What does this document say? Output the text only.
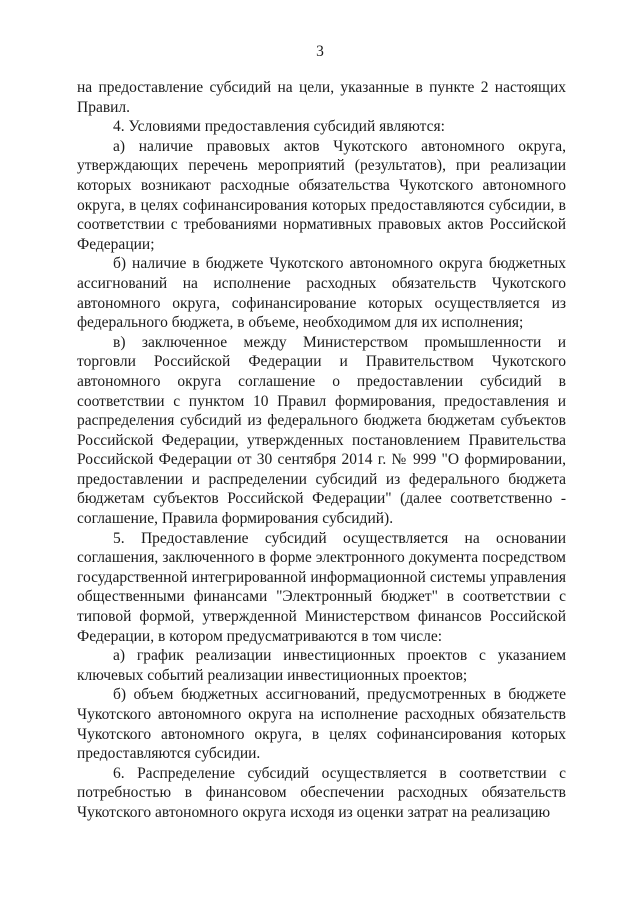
3

на предоставление субсидий на цели, указанные в пункте 2 настоящих Правил.

4. Условиями предоставления субсидий являются:

а) наличие правовых актов Чукотского автономного округа, утверждающих перечень мероприятий (результатов), при реализации которых возникают расходные обязательства Чукотского автономного округа, в целях софинансирования которых предоставляются субсидии, в соответствии с требованиями нормативных правовых актов Российской Федерации;

б) наличие в бюджете Чукотского автономного округа бюджетных ассигнований на исполнение расходных обязательств Чукотского автономного округа, софинансирование которых осуществляется из федерального бюджета, в объеме, необходимом для их исполнения;

в) заключенное между Министерством промышленности и торговли Российской Федерации и Правительством Чукотского автономного округа соглашение о предоставлении субсидий в соответствии с пунктом 10 Правил формирования, предоставления и распределения субсидий из федерального бюджета бюджетам субъектов Российской Федерации, утвержденных постановлением Правительства Российской Федерации от 30 сентября 2014 г. № 999 "О формировании, предоставлении и распределении субсидий из федерального бюджета бюджетам субъектов Российской Федерации" (далее соответственно - соглашение, Правила формирования субсидий).

5. Предоставление субсидий осуществляется на основании соглашения, заключенного в форме электронного документа посредством государственной интегрированной информационной системы управления общественными финансами "Электронный бюджет" в соответствии с типовой формой, утвержденной Министерством финансов Российской Федерации, в котором предусматриваются в том числе:

а) график реализации инвестиционных проектов с указанием ключевых событий реализации инвестиционных проектов;

б) объем бюджетных ассигнований, предусмотренных в бюджете Чукотского автономного округа на исполнение расходных обязательств Чукотского автономного округа, в целях софинансирования которых предоставляются субсидии.

6. Распределение субсидий осуществляется в соответствии с потребностью в финансовом обеспечении расходных обязательств Чукотского автономного округа исходя из оценки затрат на реализацию
